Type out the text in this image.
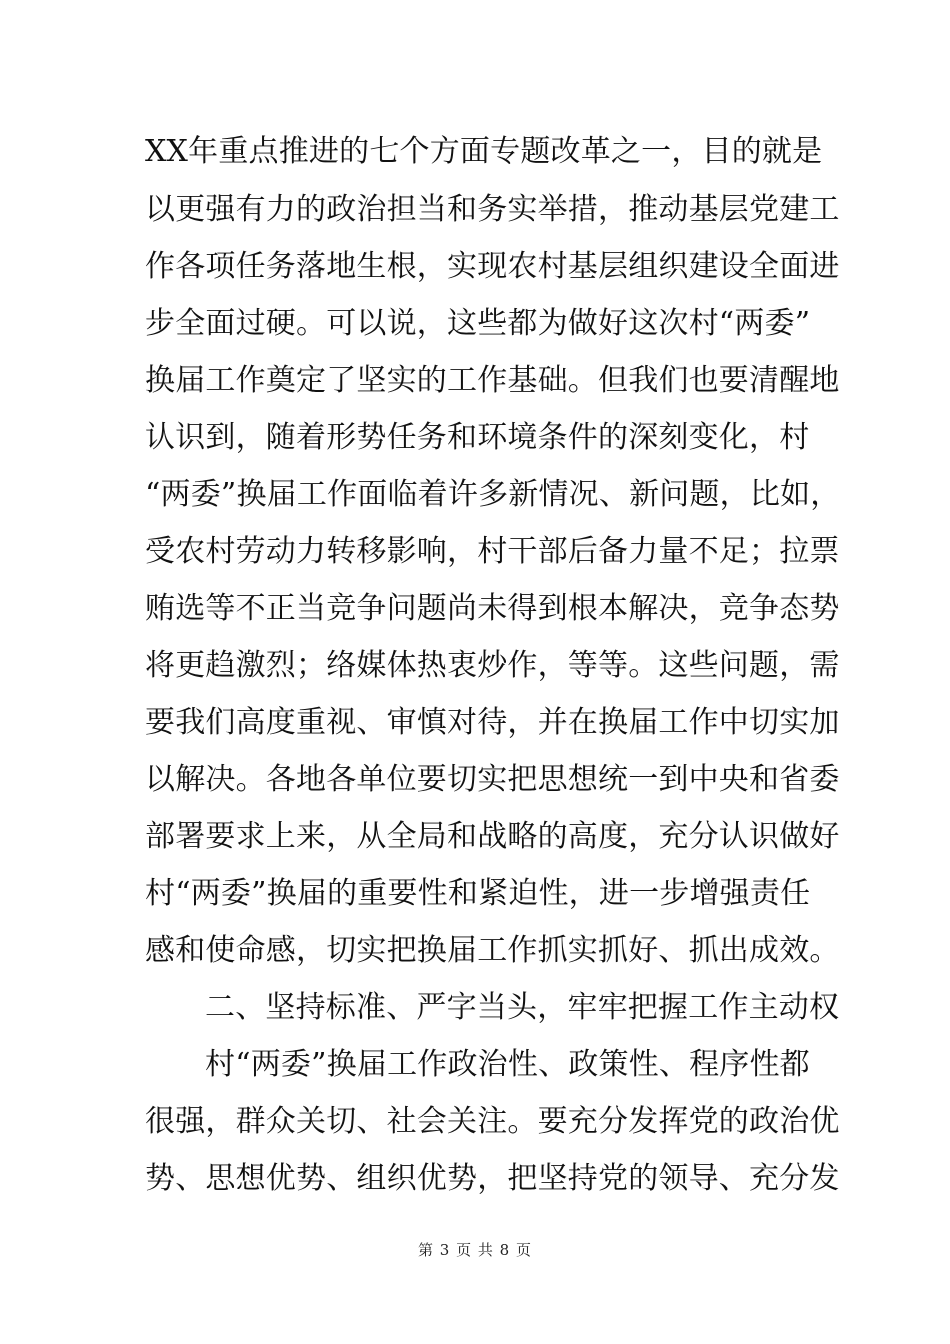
XX年重点推进的七个方面专题改革之一，目的就是
以更强有力的政治担当和务实举措，推动基层党建工
作各项任务落地生根，实现农村基层组织建设全面进
步全面过硬。可以说，这些都为做好这次村“两委”
换届工作奠定了坚实的工作基础。但我们也要清醒地
认识到，随着形势任务和环境条件的深刻变化，村
“两委”换届工作面临着许多新情况、新问题，比如，
受农村劳动力转移影响，村干部后备力量不足；拉票
贿选等不正当竞争问题尚未得到根本解决，竞争态势
将更趋激烈；络媒体热衷炒作，等等。这些问题，需
要我们高度重视、审慎对待，并在换届工作中切实加
以解决。各地各单位要切实把思想统一到中央和省委
部署要求上来，从全局和战略的高度，充分认识做好
村“两委”换届的重要性和紧迫性，进一步增强责任
感和使命感，切实把换届工作抓实抓好、抓出成效。
二、坚持标准、严字当头，牢牢把握工作主动权
村“两委”换届工作政治性、政策性、程序性都
很强，群众关切、社会关注。要充分发挥党的政治优
势、思想优势、组织优势，把坚持党的领导、充分发
第 3 页 共 8 页
